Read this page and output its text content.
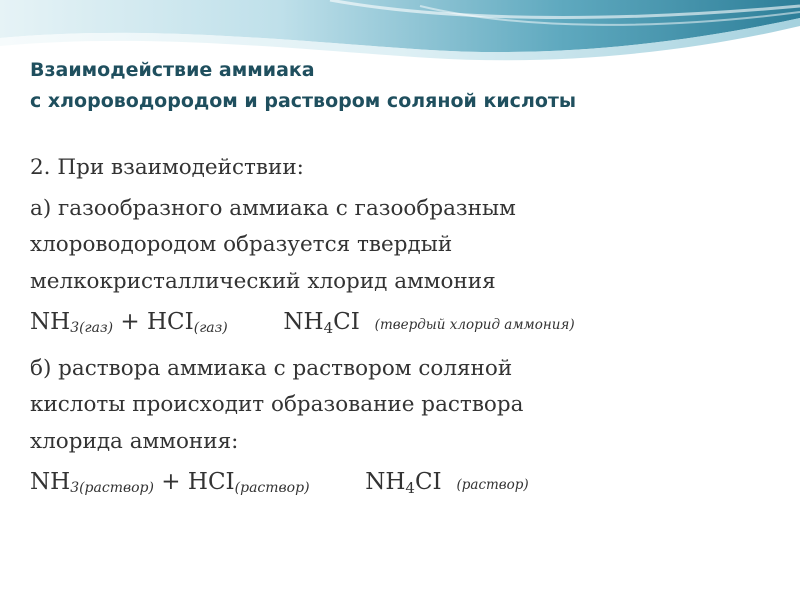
Взаимодействие аммиака
с хлороводородом и раствором соляной кислоты
2. При взаимодействии:
а) газообразного аммиака с газообразным
хлороводородом образуется твердый
мелкокристаллический хлорид аммония
NH3(газ) + HCI(газ) NH4CI (твердый хлорид аммония)
б) раствора аммиака с раствором соляной
кислоты происходит образование раствора
хлорида аммония:
NH3(раствор) + HCI(раствор) NH4CI (раствор)
